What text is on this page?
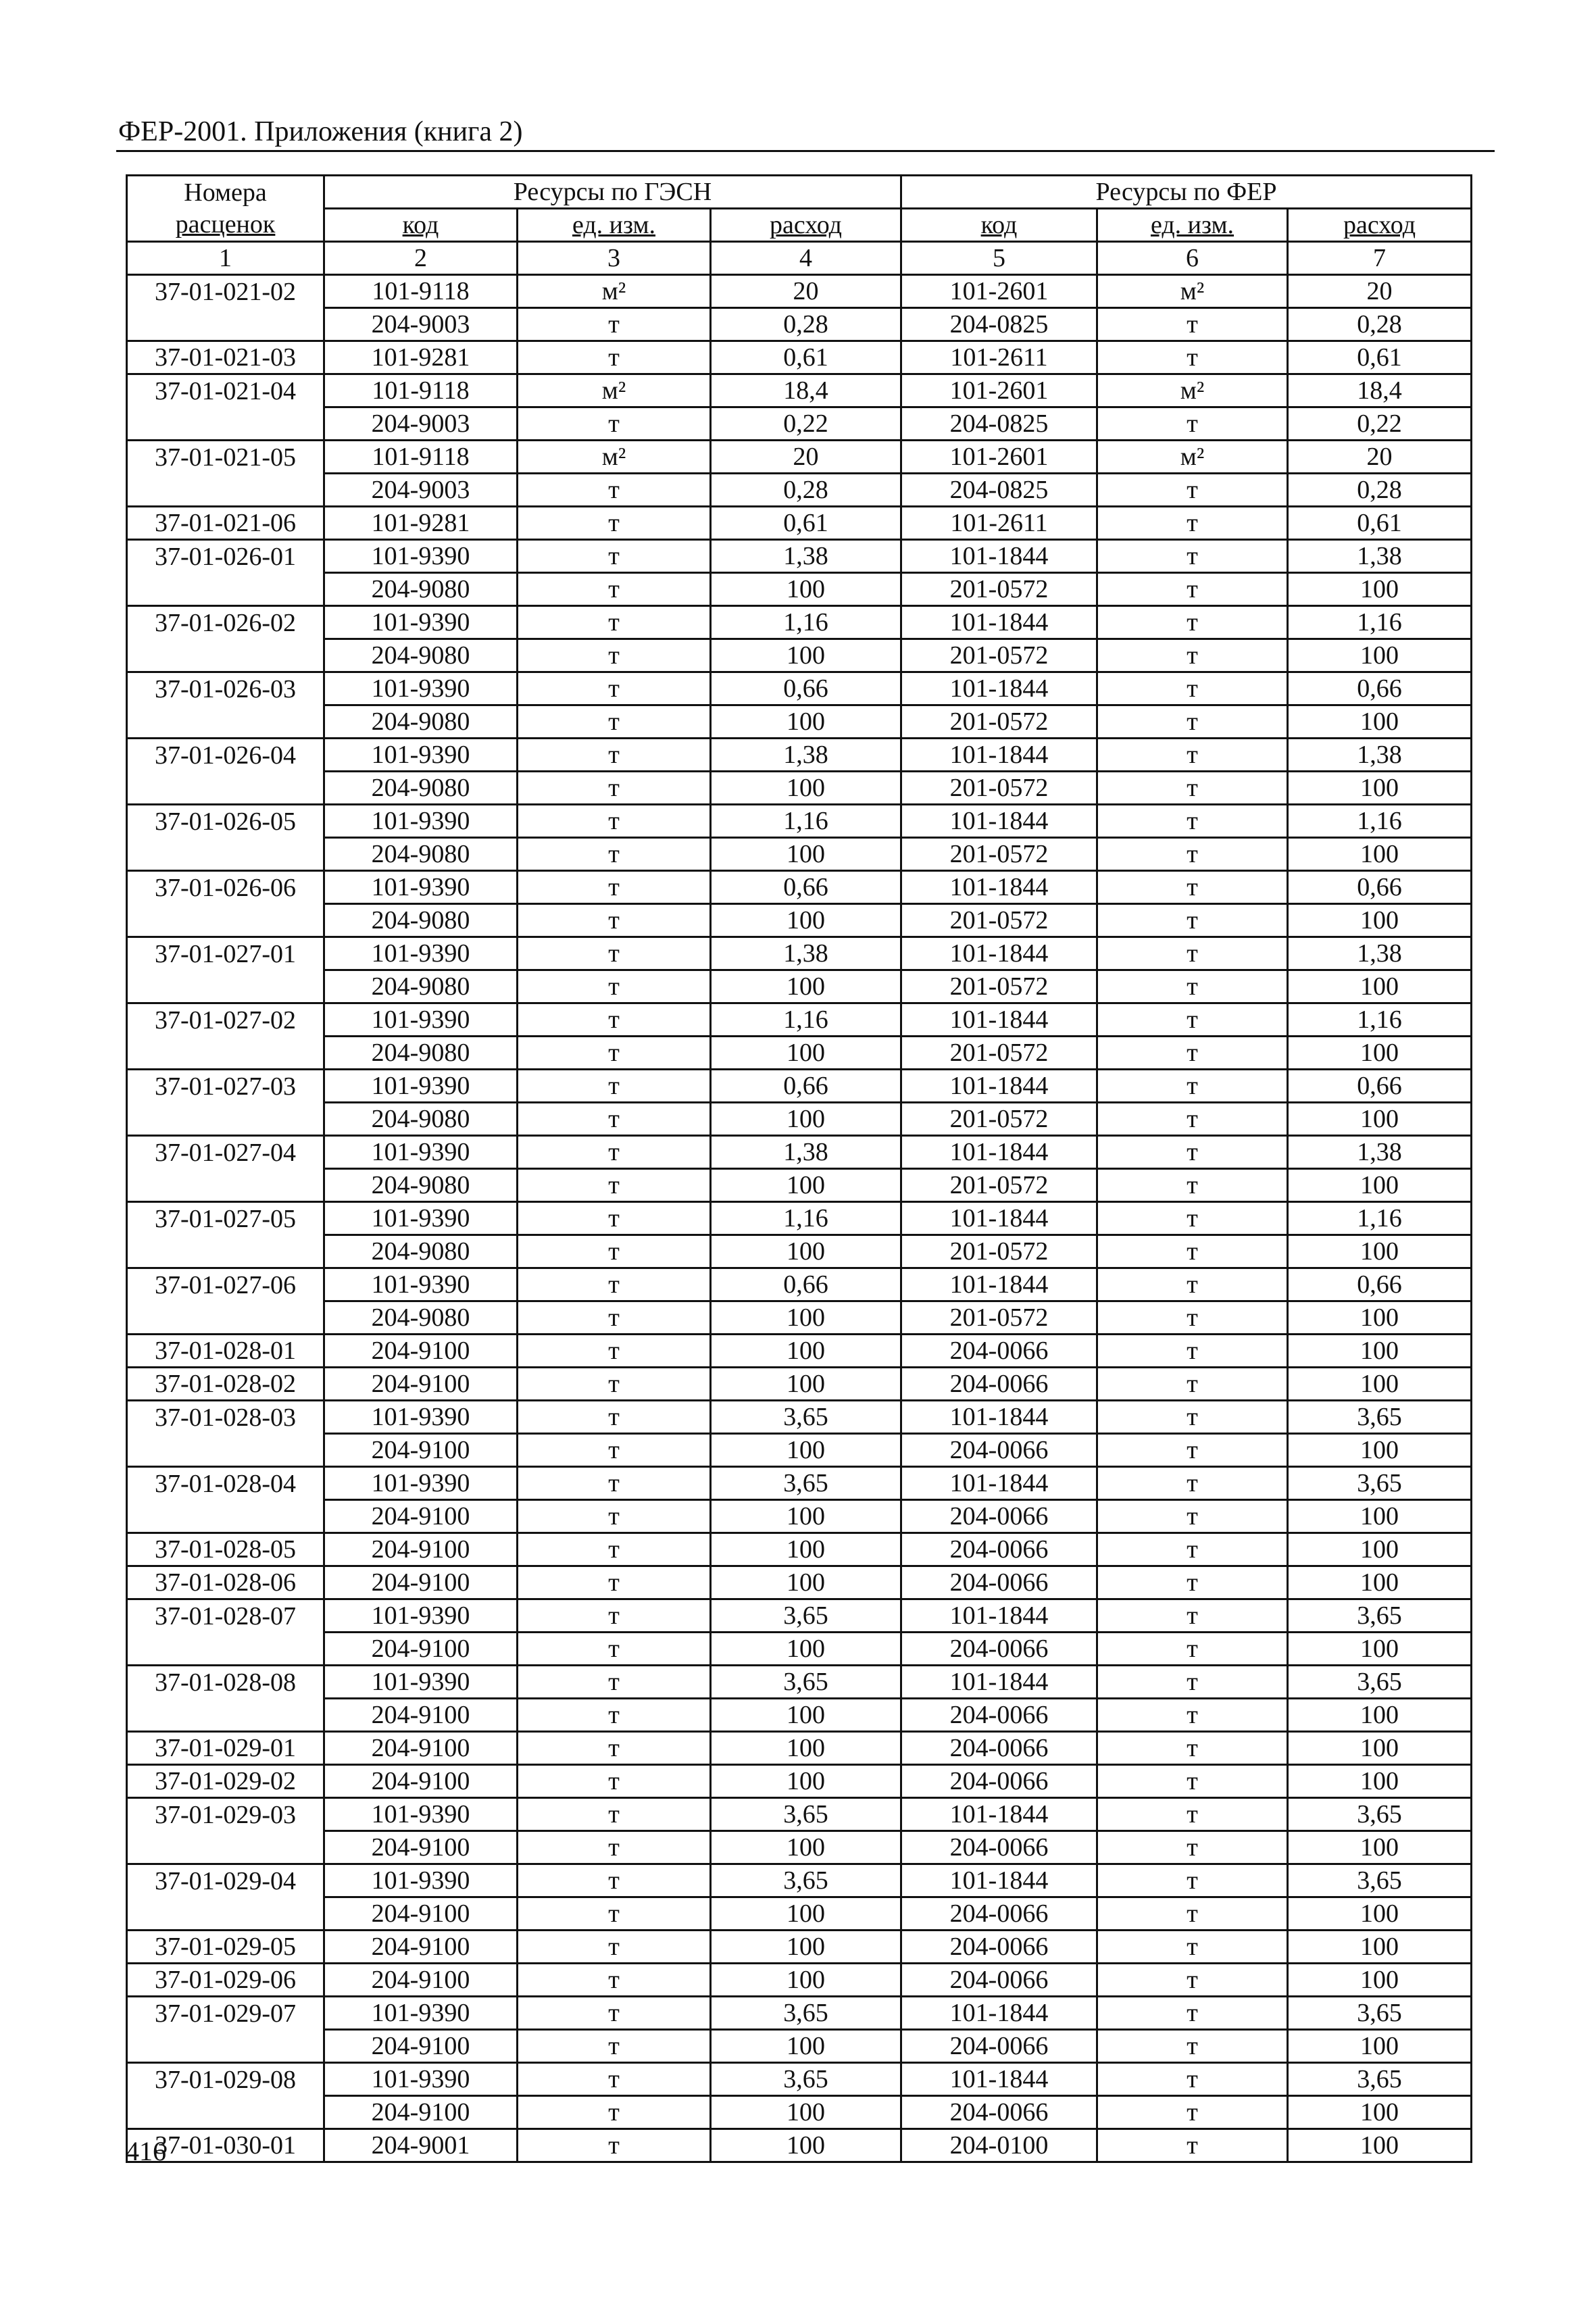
ФЕР-2001. Приложения (книга 2)
Номера	Ресурсы по ГЭСН			Ресурсы по ФЕР		
расценок	код	ед. изм.	расход	код	ед. изм.	расход
1	2	3	4	5	6	7
37-01-021-02	101-9118	м²	20	101-2601	м²	20
	204-9003	т	0,28	204-0825	т	0,28
37-01-021-03	101-9281	т	0,61	101-2611	т	0,61
37-01-021-04	101-9118	м²	18,4	101-2601	м²	18,4
	204-9003	т	0,22	204-0825	т	0,22
37-01-021-05	101-9118	м²	20	101-2601	м²	20
	204-9003	т	0,28	204-0825	т	0,28
37-01-021-06	101-9281	т	0,61	101-2611	т	0,61
37-01-026-01	101-9390	т	1,38	101-1844	т	1,38
	204-9080	т	100	201-0572	т	100
37-01-026-02	101-9390	т	1,16	101-1844	т	1,16
	204-9080	т	100	201-0572	т	100
37-01-026-03	101-9390	т	0,66	101-1844	т	0,66
	204-9080	т	100	201-0572	т	100
37-01-026-04	101-9390	т	1,38	101-1844	т	1,38
	204-9080	т	100	201-0572	т	100
37-01-026-05	101-9390	т	1,16	101-1844	т	1,16
	204-9080	т	100	201-0572	т	100
37-01-026-06	101-9390	т	0,66	101-1844	т	0,66
	204-9080	т	100	201-0572	т	100
37-01-027-01	101-9390	т	1,38	101-1844	т	1,38
	204-9080	т	100	201-0572	т	100
37-01-027-02	101-9390	т	1,16	101-1844	т	1,16
	204-9080	т	100	201-0572	т	100
37-01-027-03	101-9390	т	0,66	101-1844	т	0,66
	204-9080	т	100	201-0572	т	100
37-01-027-04	101-9390	т	1,38	101-1844	т	1,38
	204-9080	т	100	201-0572	т	100
37-01-027-05	101-9390	т	1,16	101-1844	т	1,16
	204-9080	т	100	201-0572	т	100
37-01-027-06	101-9390	т	0,66	101-1844	т	0,66
	204-9080	т	100	201-0572	т	100
37-01-028-01	204-9100	т	100	204-0066	т	100
37-01-028-02	204-9100	т	100	204-0066	т	100
37-01-028-03	101-9390	т	3,65	101-1844	т	3,65
	204-9100	т	100	204-0066	т	100
37-01-028-04	101-9390	т	3,65	101-1844	т	3,65
	204-9100	т	100	204-0066	т	100
37-01-028-05	204-9100	т	100	204-0066	т	100
37-01-028-06	204-9100	т	100	204-0066	т	100
37-01-028-07	101-9390	т	3,65	101-1844	т	3,65
	204-9100	т	100	204-0066	т	100
37-01-028-08	101-9390	т	3,65	101-1844	т	3,65
	204-9100	т	100	204-0066	т	100
37-01-029-01	204-9100	т	100	204-0066	т	100
37-01-029-02	204-9100	т	100	204-0066	т	100
37-01-029-03	101-9390	т	3,65	101-1844	т	3,65
	204-9100	т	100	204-0066	т	100
37-01-029-04	101-9390	т	3,65	101-1844	т	3,65
	204-9100	т	100	204-0066	т	100
37-01-029-05	204-9100	т	100	204-0066	т	100
37-01-029-06	204-9100	т	100	204-0066	т	100
37-01-029-07	101-9390	т	3,65	101-1844	т	3,65
	204-9100	т	100	204-0066	т	100
37-01-029-08	101-9390	т	3,65	101-1844	т	3,65
	204-9100	т	100	204-0066	т	100
37-01-030-01	204-9001	т	100	204-0100	т	100
416
